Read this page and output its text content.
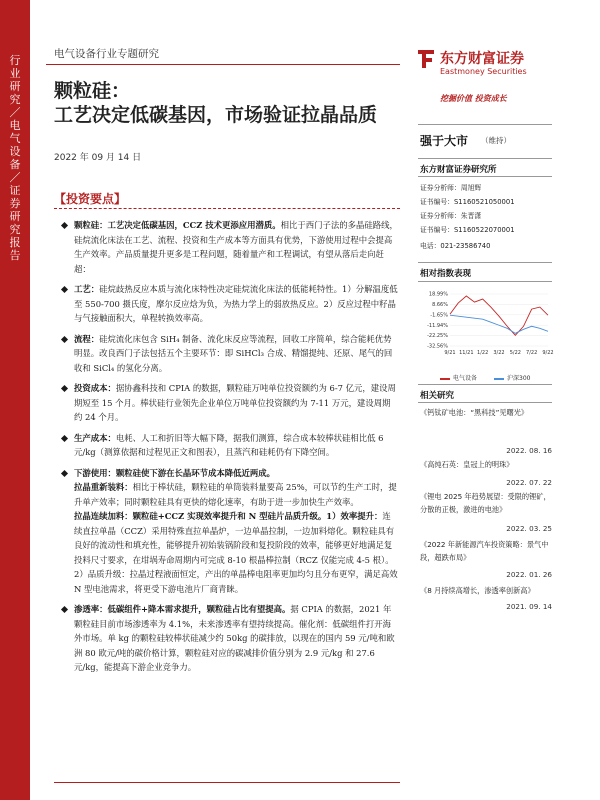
行业研究／电气设备／证券研究报告
电气设备行业专题研究
颗粒硅：
工艺决定低碳基因，市场验证拉晶品质
2022 年 09 月 14 日
东方财富证券
Eastmoney Securities
挖掘价值 投资成长
强于大市 （维持）
东方财富证券研究所
证券分析师：周旭辉
证书编号：S1160521050001
证券分析师：朱晋潇
证书编号：S1160522070001
电话：021-23586740
相对指数表现
18.99%
8.66%
-1.65%
-11.94%
-22.25%
-32.56%
9/21 11/21 1/22 3/22 5/22 7/22 9/22
电气设备	沪深300
相关研究
《钙钛矿电池：“黑科技”见曙光》
2022. 08. 16
《高纯石英：皇冠上的明珠》
2022. 07. 22
《锂电 2025 年趋势展望：受限的锂矿，分散的正极，激进的电池》
2022. 03. 25
《2022 年新能源汽车投资策略：景气中段，超跌布局》
2022. 01. 26
《8 月持续高增长，渗透率创新高》
2021. 09. 14
【投资要点】
颗粒硅：工艺决定低碳基因，CCZ 技术更添应用潜质。相比于西门子法的多晶硅路线，硅烷流化床法在工艺、流程、投资和生产成本等方面具有优势，下游使用过程中会提高生产效率。产品质量提升更多是工程问题，随着量产和工程调试，有望从落后走向赶超：
工艺：硅烷歧热反应本质与流化床特性决定硅烷流化床法的低能耗特性。1）分解温度低至 550-700 摄氏度，摩尔反应焓为负，为热力学上的弱放热反应。2）反应过程中籽晶与气接触面积大，单程转换效率高。
流程：硅烷流化床包含 SiH₄ 制备、流化床反应等流程，回收工序简单，综合能耗优势明显。改良西门子法包括五个主要环节：即 SiHCl₃ 合成、精馏提纯、还原、尾气的回收和 SiCl₄ 的氢化分离。
投资成本：据协鑫科技和 CPIA 的数据，颗粒硅万吨单位投资额约为 6-7 亿元，建设周期短至 15 个月。棒状硅行业领先企业单位万吨单位投资额约为 7-11 万元，建设周期约 24 个月。
生产成本：电耗、人工和折旧等大幅下降，据我们测算，综合成本较棒状硅相比低 6 元/kg（测算依据和过程见正文和图表），且蒸汽和硅耗仍有下降空间。
下游使用：颗粒硅使下游在长晶环节成本降低近两成。
拉晶重新装料：相比于棒状硅，颗粒硅的单筒装料量要高 25%，可以节约生产工时，提升单产效率；同时颗粒硅具有更快的熔化速率，有助于进一步加快生产效率。
拉晶连续加料：颗粒硅+CCZ 实现效率提升和 N 型硅片品质升级。1）效率提升：连续直拉单晶（CCZ）采用特殊直拉单晶炉，一边单晶拉制，一边加料熔化。颗粒硅具有良好的流动性和填充性，能够提升初始装锅阶段和复投阶段的效率，能够更好地满足复投料尺寸要求，在坩埚寿命周期内可完成 8-10 根晶棒拉制（RCZ 仅能完成 4-5 根）。2）品质升级：拉晶过程液面恒定，产出的单晶棒电阻率更加均匀且分布更窄，满足高效 N 型电池需求，将更受下游电池片厂商青睐。
渗透率：低碳组件+降本需求提升，颗粒硅占比有望提高。据 CPIA 的数据，2021 年颗粒硅目前市场渗透率为 4.1%，未来渗透率有望持续提高。催化剂：低碳组件打开海外市场。单 kg 的颗粒硅较棒状硅减少约 50kg 的碳排放，以现在的国内 59 元/吨和欧洲 80 欧元/吨的碳价格计算，颗粒硅对应的碳减排价值分别为 2.9 元/kg 和 27.6 元/kg，能提高下游企业竞争力。
